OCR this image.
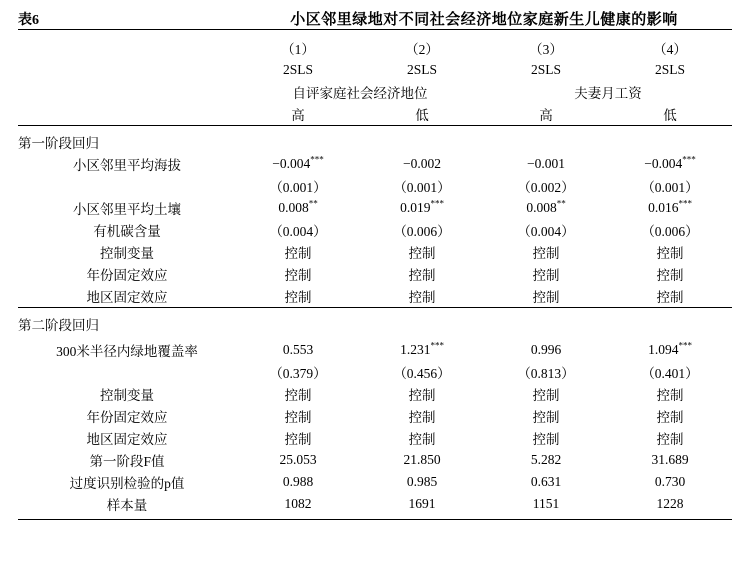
表6	小区邻里绿地对不同社会经济地位家庭新生儿健康的影响			

	（1）	（2）	（3）	（4）
	2SLS	2SLS	2SLS	2SLS
	自评家庭社会经济地位		夫妻月工资	
	高	低	高	低

第一阶段回归				
小区邻里平均海拔	−0.004***	−0.002	−0.001	−0.004***
	（0.001）	（0.001）	（0.002）	（0.001）
小区邻里平均土壤	0.008**	0.019***	0.008**	0.016***
有机碳含量	（0.004）	（0.006）	（0.004）	（0.006）
控制变量	控制	控制	控制	控制
年份固定效应	控制	控制	控制	控制
地区固定效应	控制	控制	控制	控制

第二阶段回归				

300米半径内绿地覆盖率	0.553	1.231***	0.996	1.094***
	（0.379）	（0.456）	（0.813）	（0.401）
控制变量	控制	控制	控制	控制
年份固定效应	控制	控制	控制	控制
地区固定效应	控制	控制	控制	控制
第一阶段F值	25.053	21.850	5.282	31.689
过度识别检验的p值	0.988	0.985	0.631	0.730
样本量	1082	1691	1151	1228
